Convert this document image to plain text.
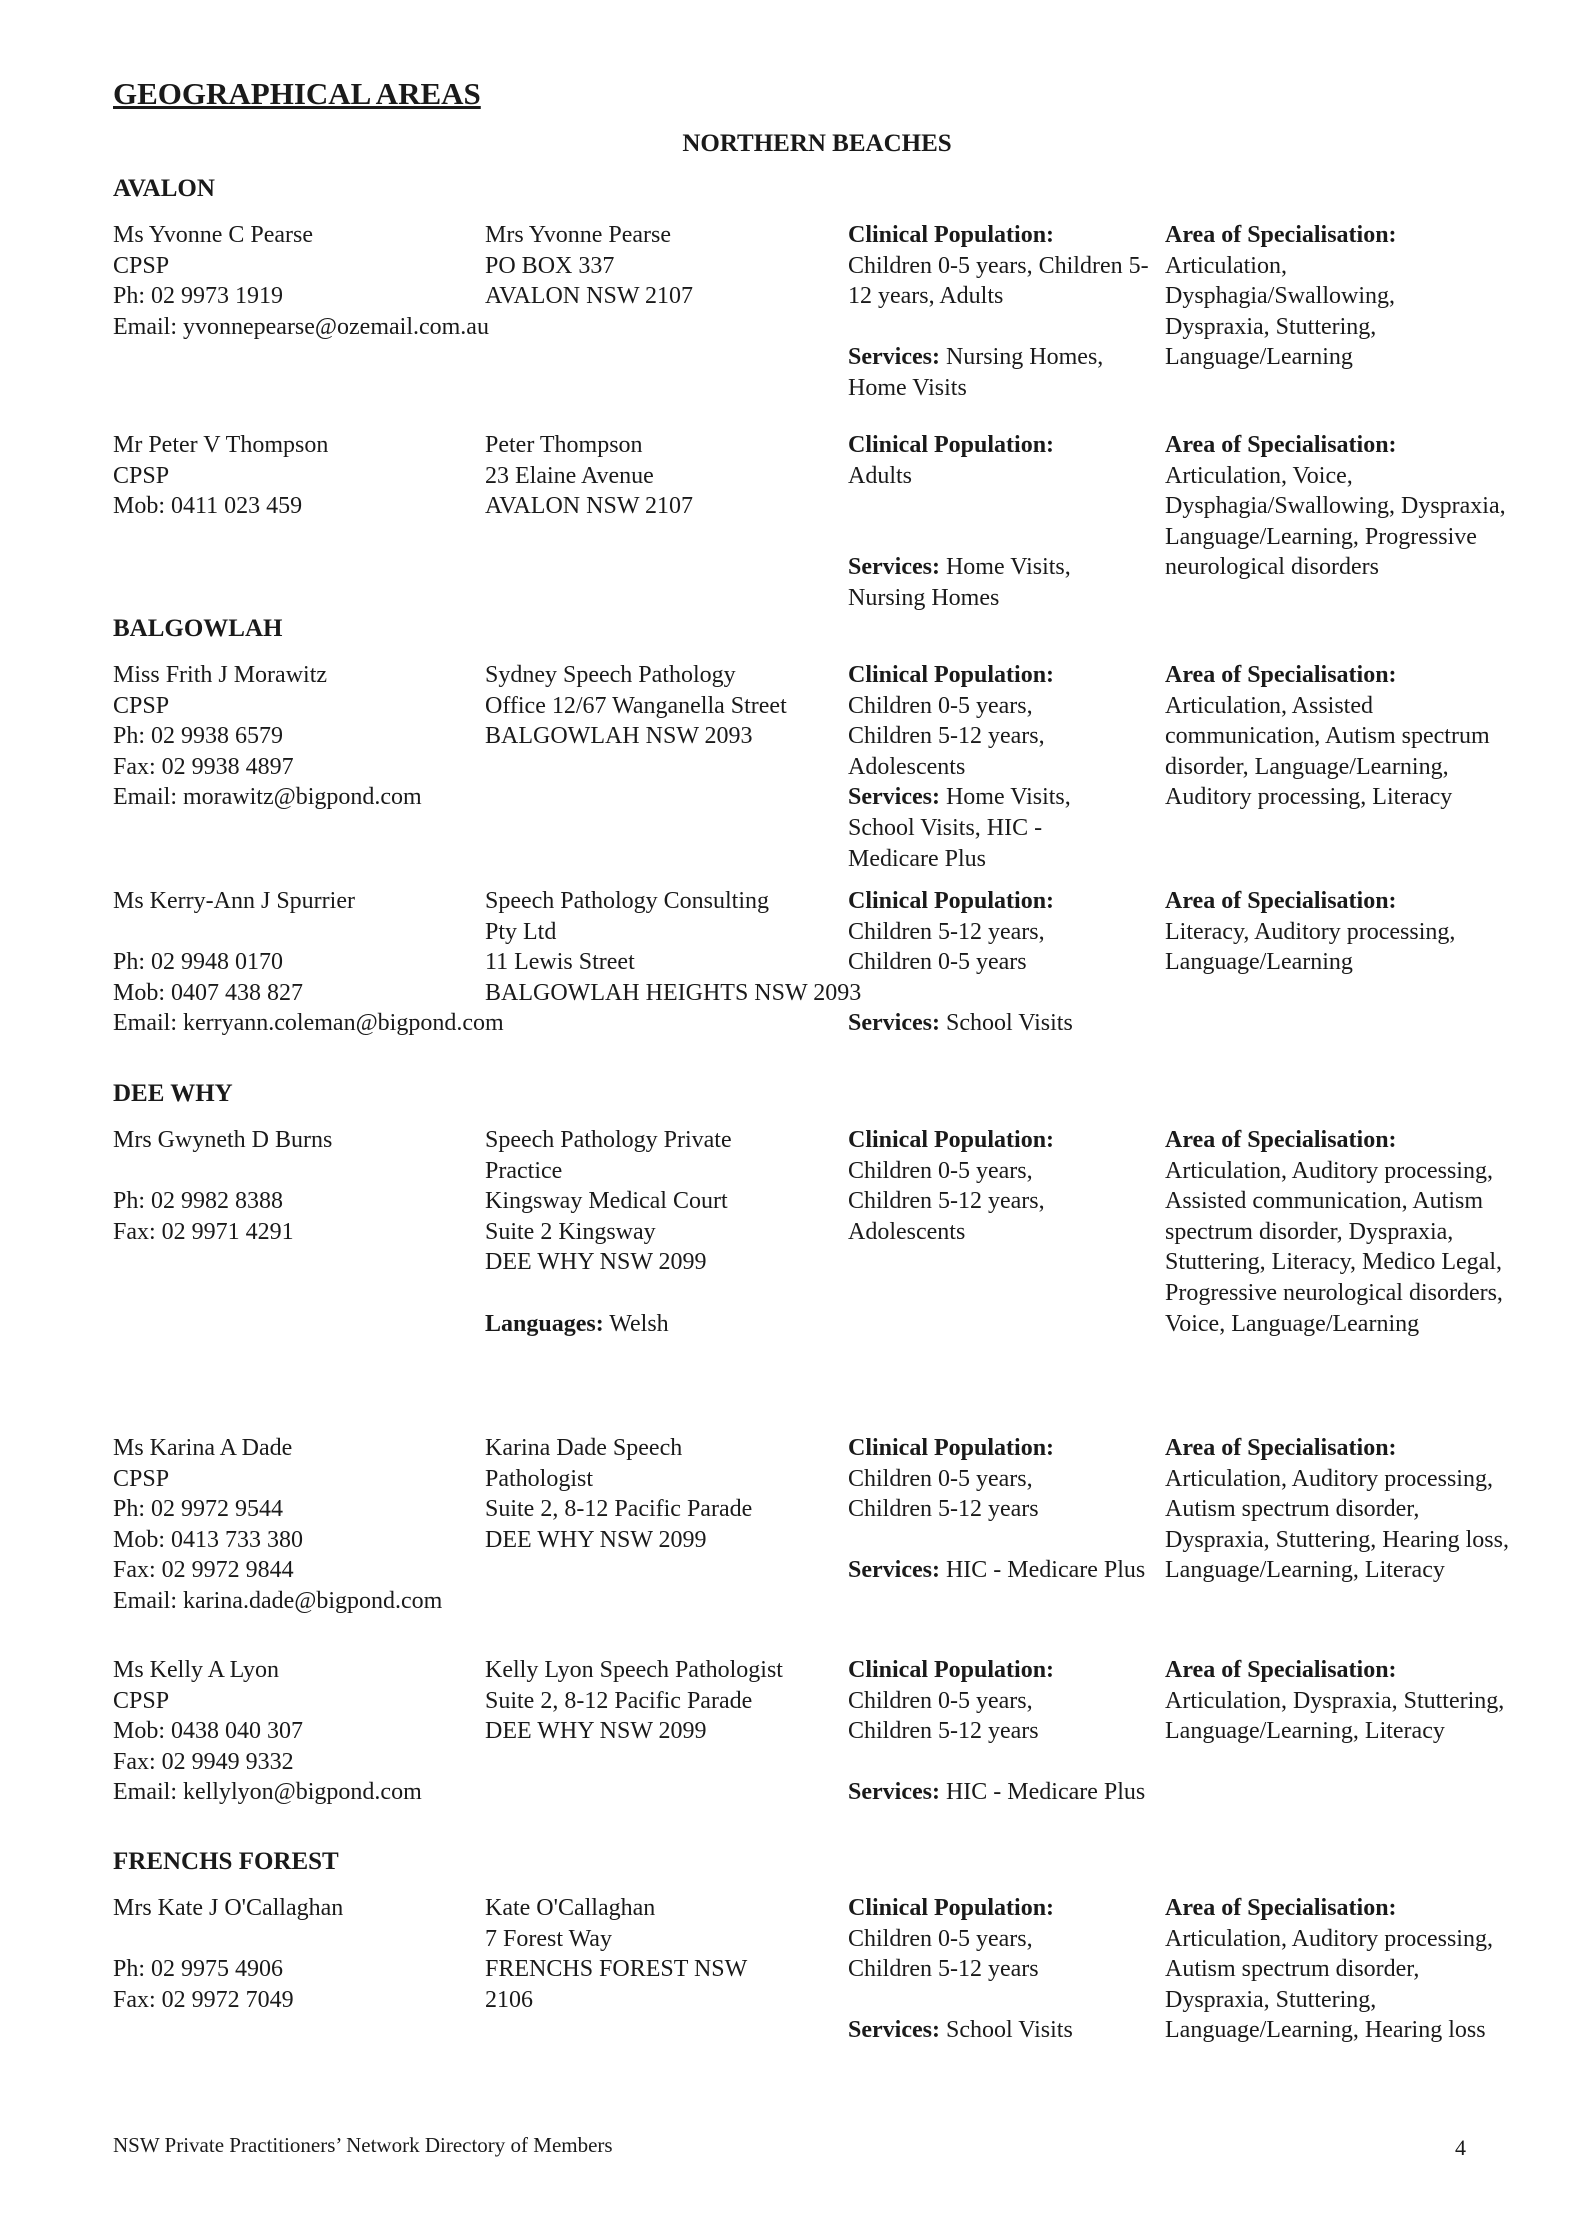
GEOGRAPHICAL AREAS
NORTHERN BEACHES
AVALON
Ms Yvonne C Pearse
CPSP
Ph: 02 9973 1919
Email: yvonnepearse@ozemail.com.au
Mrs Yvonne Pearse
PO BOX 337
AVALON NSW 2107
Clinical Population:
Children 0-5 years, Children 5-12 years, Adults
Services: Nursing Homes, Home Visits
Area of Specialisation:
Articulation, Dysphagia/Swallowing, Dyspraxia, Stuttering, Language/Learning
Mr Peter V Thompson
CPSP
Mob: 0411 023 459
Peter Thompson
23 Elaine Avenue
AVALON NSW 2107
Clinical Population:
Adults
Services: Home Visits, Nursing Homes
Area of Specialisation:
Articulation, Voice, Dysphagia/Swallowing, Dyspraxia, Language/Learning, Progressive neurological disorders
BALGOWLAH
Miss Frith J Morawitz
CPSP
Ph: 02 9938 6579
Fax: 02 9938 4897
Email: morawitz@bigpond.com
Sydney Speech Pathology
Office 12/67 Wanganella Street
BALGOWLAH NSW 2093
Clinical Population:
Children 0-5 years, Children 5-12 years, Adolescents
Services: Home Visits, School Visits, HIC - Medicare Plus
Area of Specialisation:
Articulation, Assisted communication, Autism spectrum disorder, Language/Learning, Auditory processing, Literacy
Ms Kerry-Ann J Spurrier
Ph: 02 9948 0170
Mob: 0407 438 827
Email: kerryann.coleman@bigpond.com
Speech Pathology Consulting
Pty Ltd
11 Lewis Street
BALGOWLAH HEIGHTS NSW 2093
Clinical Population:
Children 5-12 years, Children 0-5 years
Services: School Visits
Area of Specialisation:
Literacy, Auditory processing, Language/Learning
DEE WHY
Mrs Gwyneth D Burns
Ph: 02 9982 8388
Fax: 02 9971 4291
Speech Pathology Private
Practice
Kingsway Medical Court
Suite 2 Kingsway
DEE WHY NSW 2099
Languages: Welsh
Clinical Population:
Children 0-5 years, Children 5-12 years, Adolescents
Area of Specialisation:
Articulation, Auditory processing, Assisted communication, Autism spectrum disorder, Dyspraxia, Stuttering, Literacy, Medico Legal, Progressive neurological disorders, Voice, Language/Learning
Ms Karina A Dade
CPSP
Ph: 02 9972 9544
Mob: 0413 733 380
Fax: 02 9972 9844
Email: karina.dade@bigpond.com
Karina Dade Speech
Pathologist
Suite 2, 8-12 Pacific Parade
DEE WHY NSW 2099
Clinical Population:
Children 0-5 years, Children 5-12 years
Services: HIC - Medicare Plus
Area of Specialisation:
Articulation, Auditory processing, Autism spectrum disorder, Dyspraxia, Stuttering, Hearing loss, Language/Learning, Literacy
Ms Kelly A Lyon
CPSP
Mob: 0438 040 307
Fax: 02 9949 9332
Email: kellylyon@bigpond.com
Kelly Lyon Speech Pathologist
Suite 2, 8-12 Pacific Parade
DEE WHY NSW 2099
Clinical Population:
Children 0-5 years, Children 5-12 years
Services: HIC - Medicare Plus
Area of Specialisation:
Articulation, Dyspraxia, Stuttering, Language/Learning, Literacy
FRENCHS FOREST
Mrs Kate J O'Callaghan
Ph: 02 9975 4906
Fax: 02 9972 7049
Kate O'Callaghan
7 Forest Way
FRENCHS FOREST NSW 2106
Clinical Population:
Children 0-5 years, Children 5-12 years
Services: School Visits
Area of Specialisation:
Articulation, Auditory processing, Autism spectrum disorder, Dyspraxia, Stuttering, Language/Learning, Hearing loss
NSW Private Practitioners’ Network Directory of Members	4
